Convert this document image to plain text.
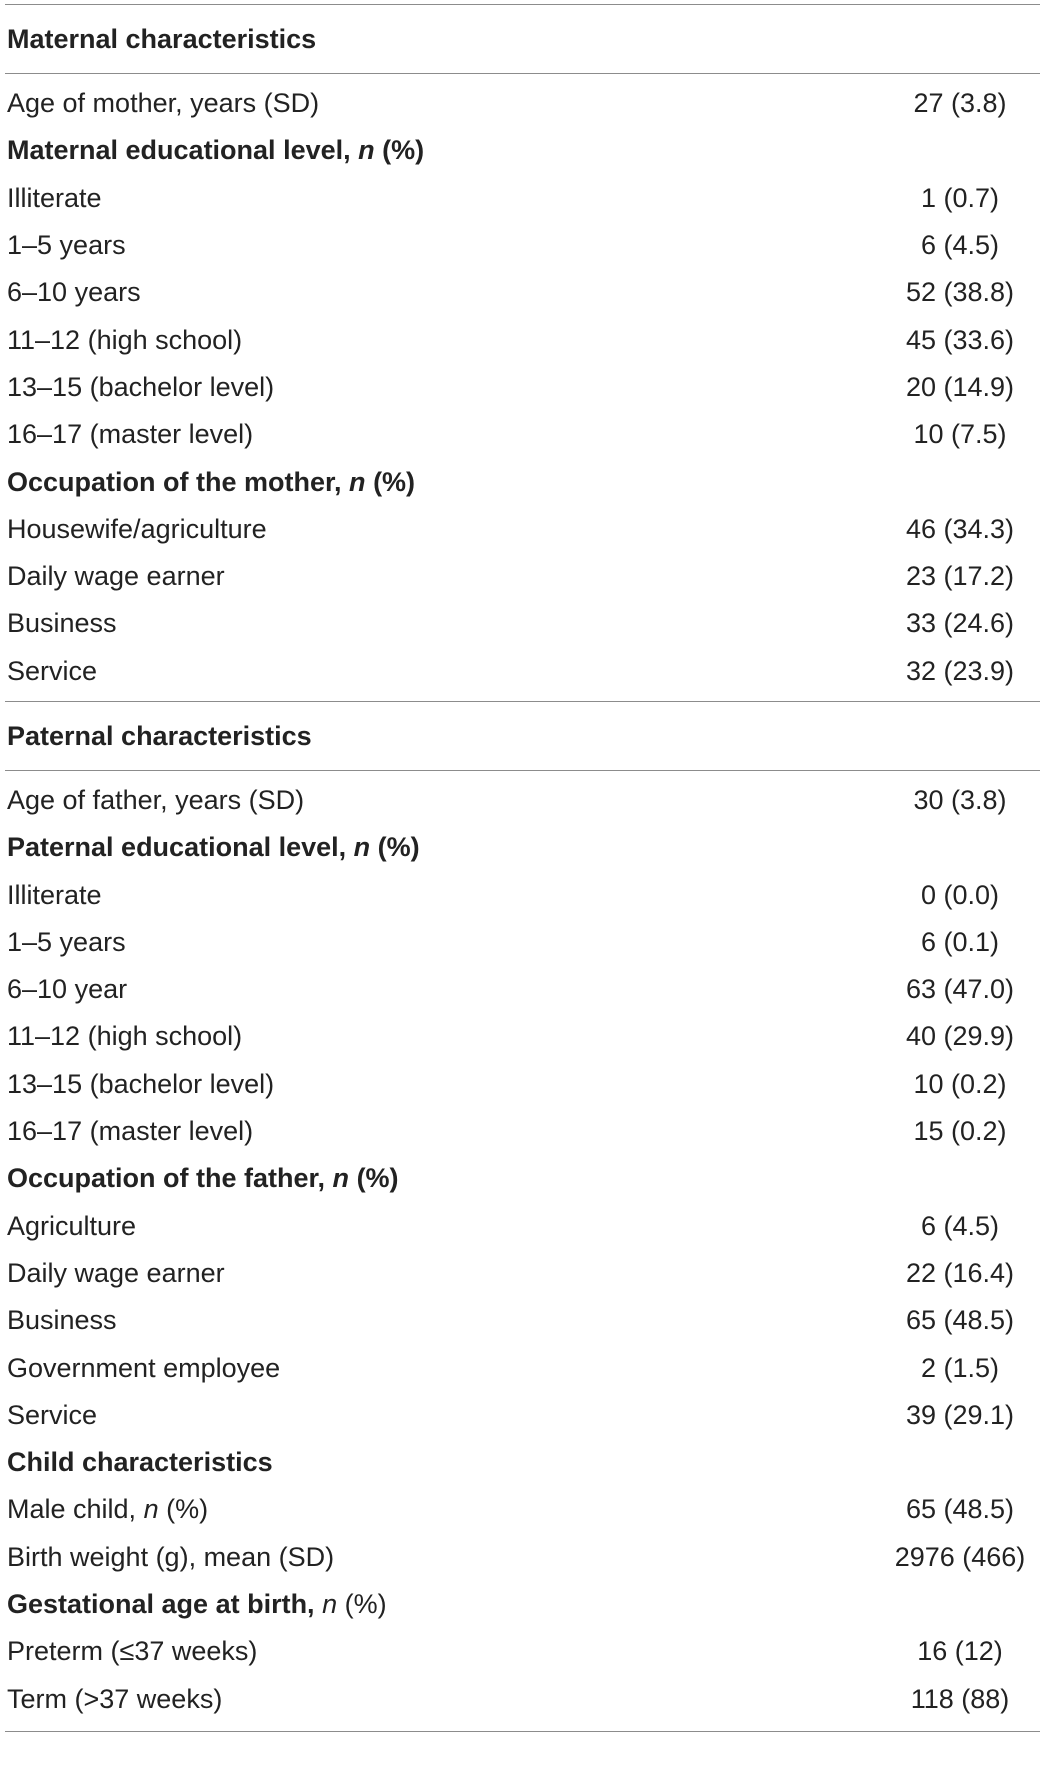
Maternal characteristics
Age of mother, years (SD)	27 (3.8)
Maternal educational level, n (%)
Illiterate	1 (0.7)
1–5 years	6 (4.5)
6–10 years	52 (38.8)
11–12 (high school)	45 (33.6)
13–15 (bachelor level)	20 (14.9)
16–17 (master level)	10 (7.5)
Occupation of the mother, n (%)
Housewife/agriculture	46 (34.3)
Daily wage earner	23 (17.2)
Business	33 (24.6)
Service	32 (23.9)
Paternal characteristics
Age of father, years (SD)	30 (3.8)
Paternal educational level, n (%)
Illiterate	0 (0.0)
1–5 years	6 (0.1)
6–10 year	63 (47.0)
11–12 (high school)	40 (29.9)
13–15 (bachelor level)	10 (0.2)
16–17 (master level)	15 (0.2)
Occupation of the father, n (%)
Agriculture	6 (4.5)
Daily wage earner	22 (16.4)
Business	65 (48.5)
Government employee	2 (1.5)
Service	39 (29.1)
Child characteristics
Male child, n (%)	65 (48.5)
Birth weight (g), mean (SD)	2976 (466)
Gestational age at birth, n (%)
Preterm (≤37 weeks)	16 (12)
Term (>37 weeks)	118 (88)
